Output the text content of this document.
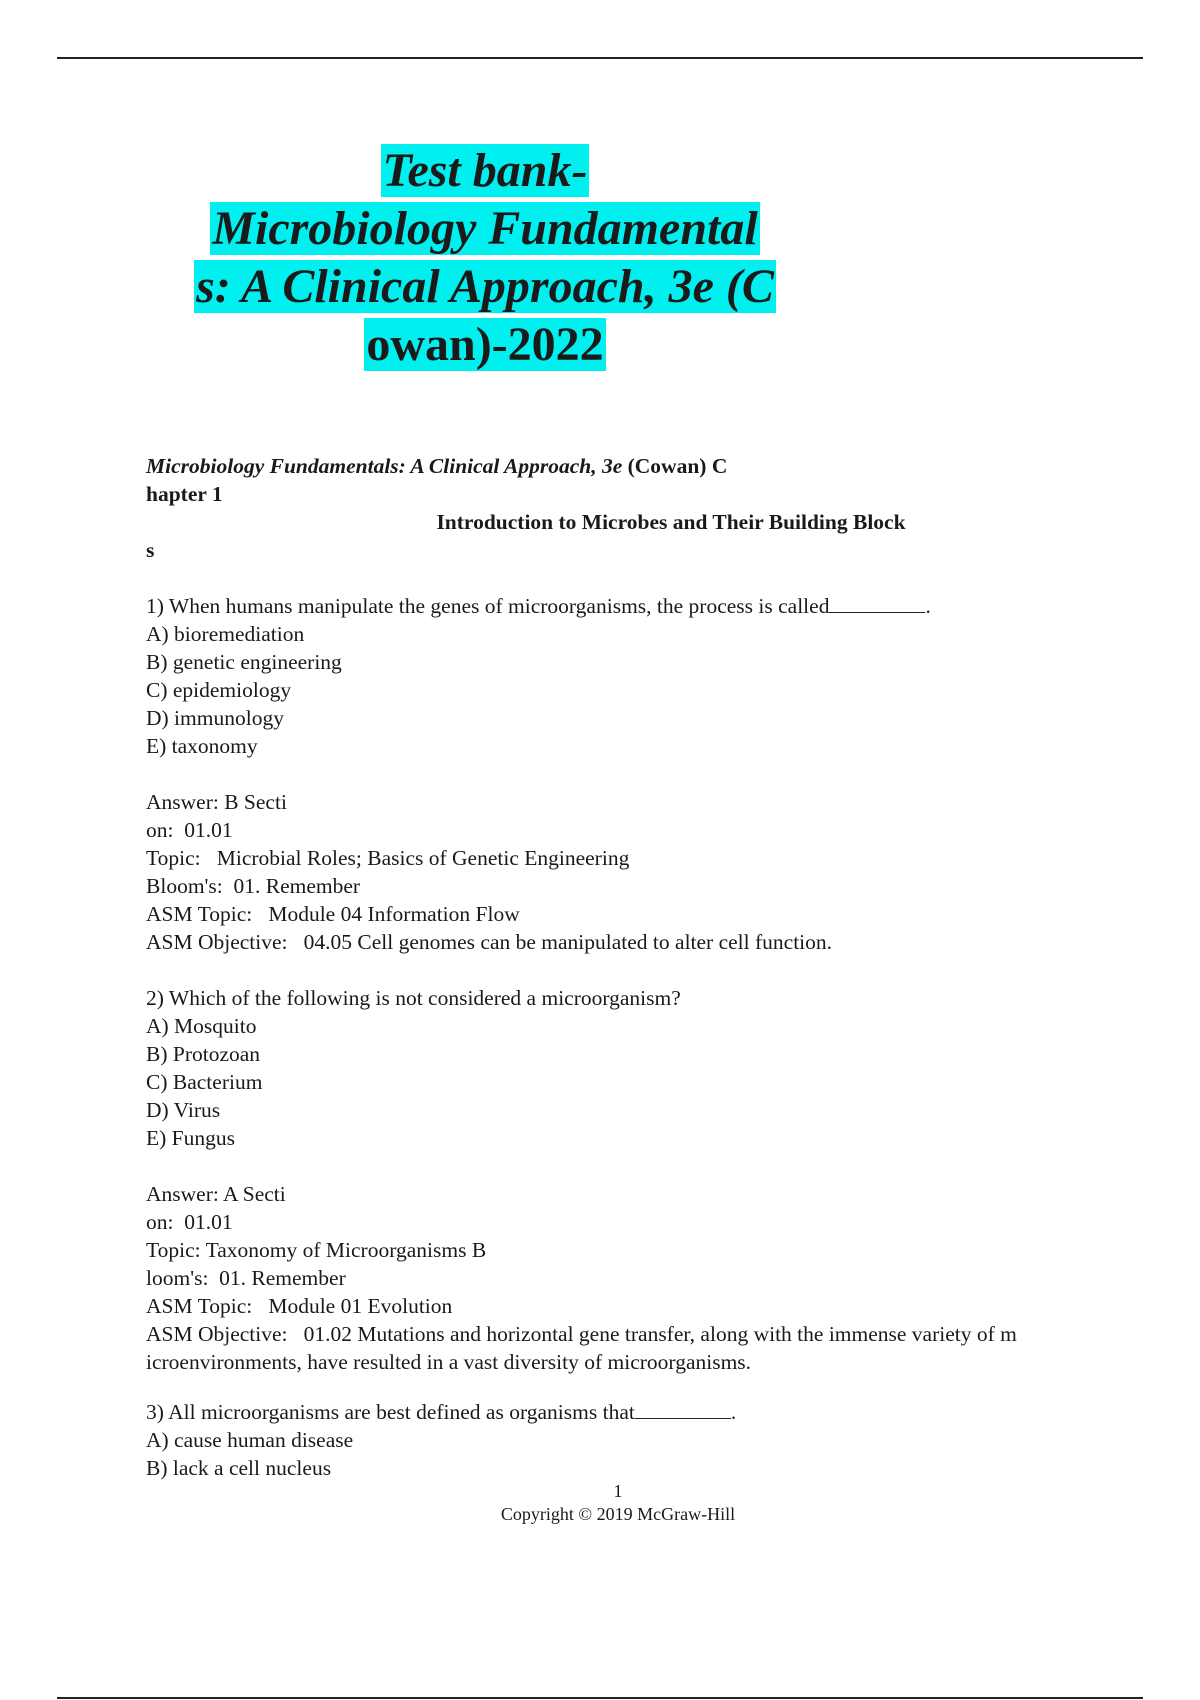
Test bank-
Microbiology Fundamental
s: A Clinical Approach, 3e (C
owan)-2022
Microbiology Fundamentals: A Clinical Approach, 3e (Cowan) C
hapter 1
Introduction to Microbes and Their Building Block
s
1) When humans manipulate the genes of microorganisms, the process is called	.
A) bioremediation
B) genetic engineering
C) epidemiology
D) immunology
E) taxonomy
Answer: B Secti
on:  01.01
Topic:   Microbial Roles; Basics of Genetic Engineering
Bloom's:  01. Remember
ASM Topic:   Module 04 Information Flow
ASM Objective:   04.05 Cell genomes can be manipulated to alter cell function.
2) Which of the following is not considered a microorganism?
A) Mosquito
B) Protozoan
C) Bacterium
D) Virus
E) Fungus
Answer: A Secti
on:  01.01
Topic: Taxonomy of Microorganisms B
loom's:  01. Remember
ASM Topic:   Module 01 Evolution
ASM Objective:   01.02 Mutations and horizontal gene transfer, along with the immense variety of m
icroenvironments, have resulted in a vast diversity of microorganisms.
3) All microorganisms are best defined as organisms that	.
A) cause human disease
B) lack a cell nucleus
1
Copyright © 2019 McGraw-Hill
